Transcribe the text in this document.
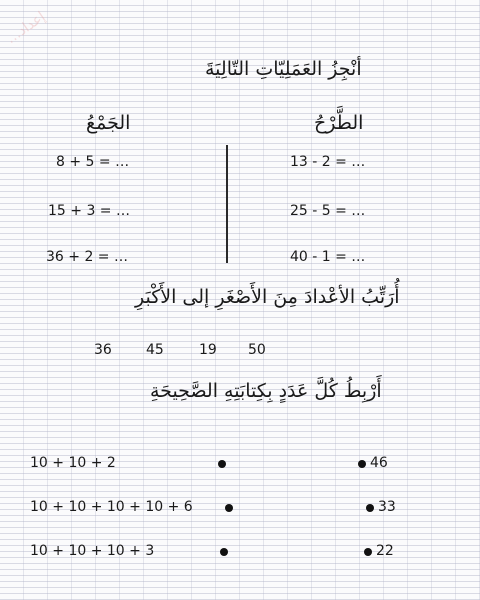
…إعداد
أنْجِزُ العَمَلِيّاتِ التّالِيَةَ
الجَمْعُ	الطَّرْحُ
8 + 5 = …
15 + 3 = …
36 + 2 = …
13 - 2 = …
25 - 5 = …
40 - 1 = …
أُرَتِّبُ الأعْدادَ مِنَ الأَصْغَرِ إلى الأَكْبَرِ
36 45	19 50
أَرْبِطُ كُلَّ عَدَدٍ بِكِتابَتِهِ الصَّحِيحَةِ
10 + 10 + 2
10 + 10 + 10 + 10 + 6
10 + 10 + 10 + 3
46
33
22
